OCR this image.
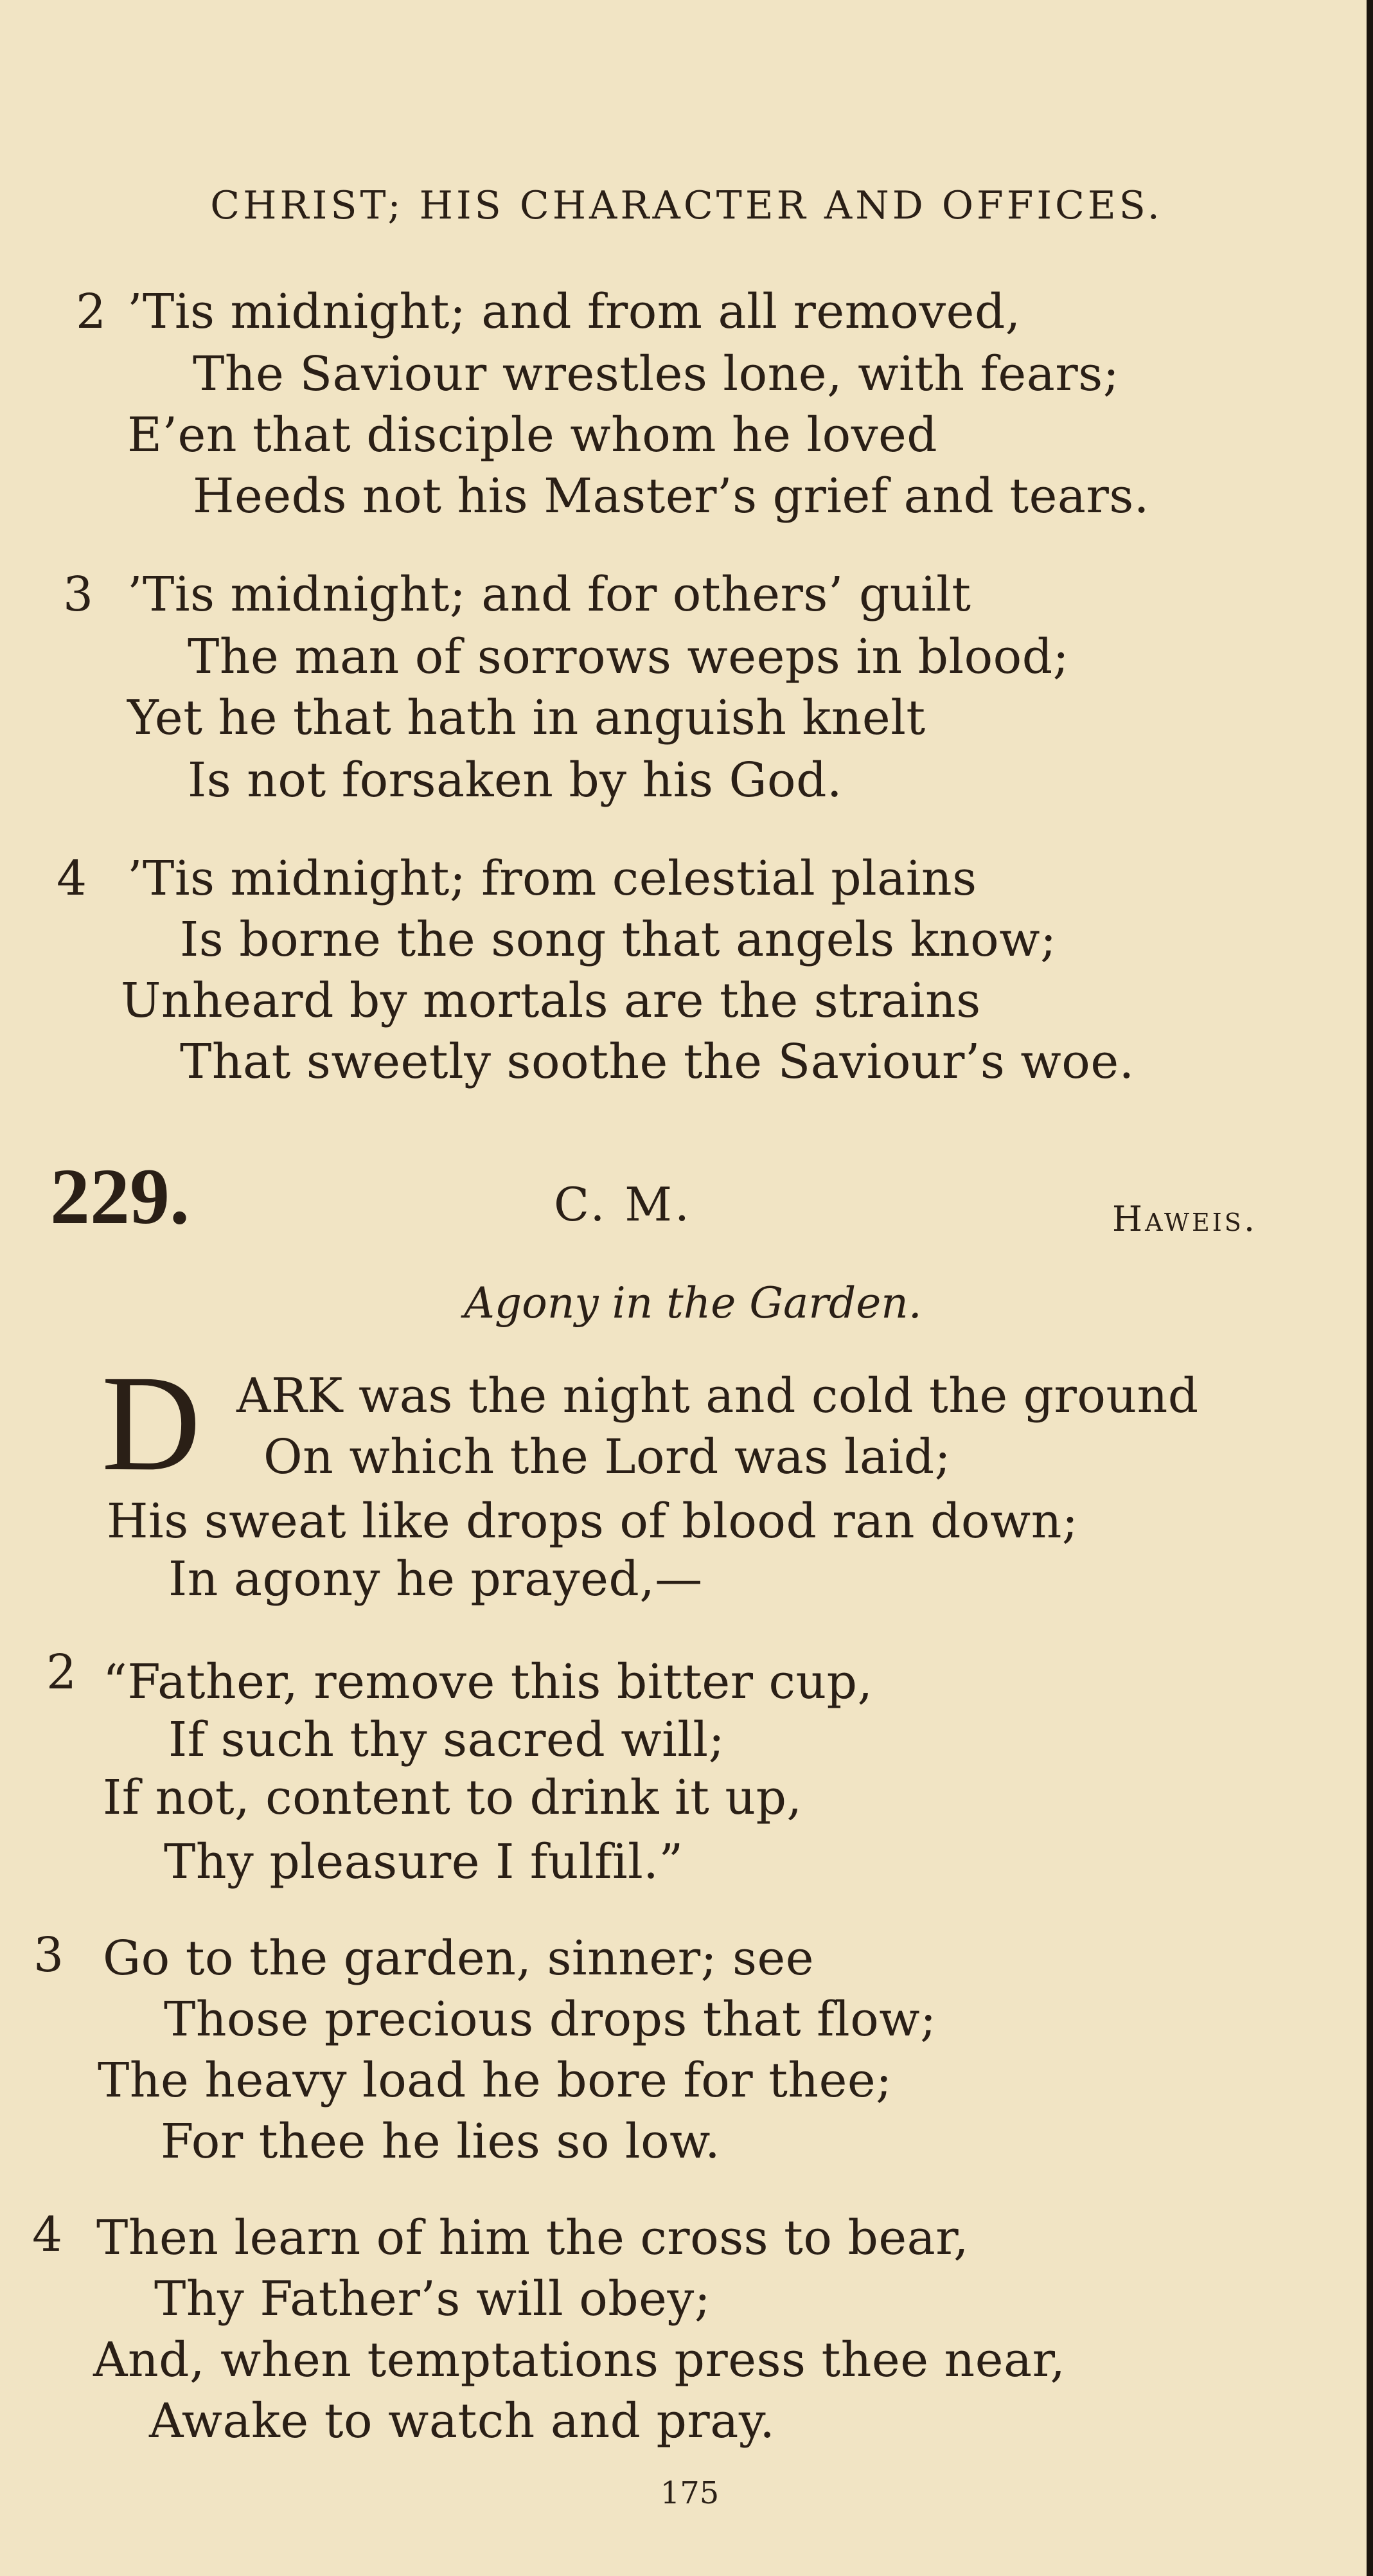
CHRIST; HIS CHARACTER AND OFFICES.
2 ’Tis midnight; and from all removed,

The Saviour wrestles lone, with fears;

E’en that disciple whom he loved

Heeds not his Master’s grief and tears.

3 ’Tis midnight; and for others’ guilt

The man of sorrows weeps in blood;

Yet he that hath in anguish knelt

Is not forsaken by his God.

4 ’Tis midnight; from celestial plains

Is borne the song that angels know;

Unheard by mortals are the strains

That sweetly soothe the Saviour’s woe.

229.	C. M.	Haweis.
Agony in the Garden.
D ARK was the night and cold the ground

On which the Lord was laid;

His sweat like drops of blood ran down;

In agony he prayed,—

2 “Father, remove this bitter cup,

If such thy sacred will;

If not, content to drink it up,

Thy pleasure I fulfil.”

3 Go to the garden, sinner; see

Those precious drops that flow;

The heavy load he bore for thee;

For thee he lies so low.

4 Then learn of him the cross to bear,

Thy Father’s will obey;

And, when temptations press thee near,

Awake to watch and pray.

175
